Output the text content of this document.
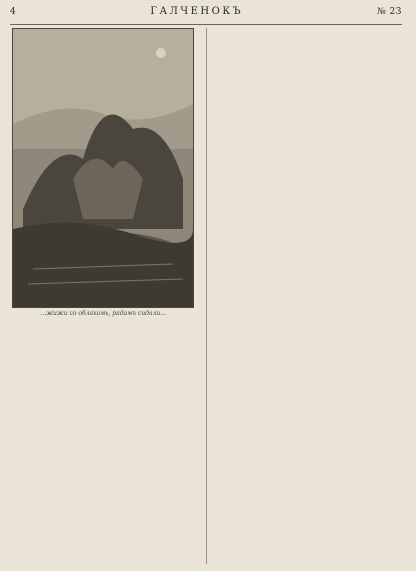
4	ГАЛЧЕНОКЪ	№ 23
...жижи со облакамь, радамъ сидали...
